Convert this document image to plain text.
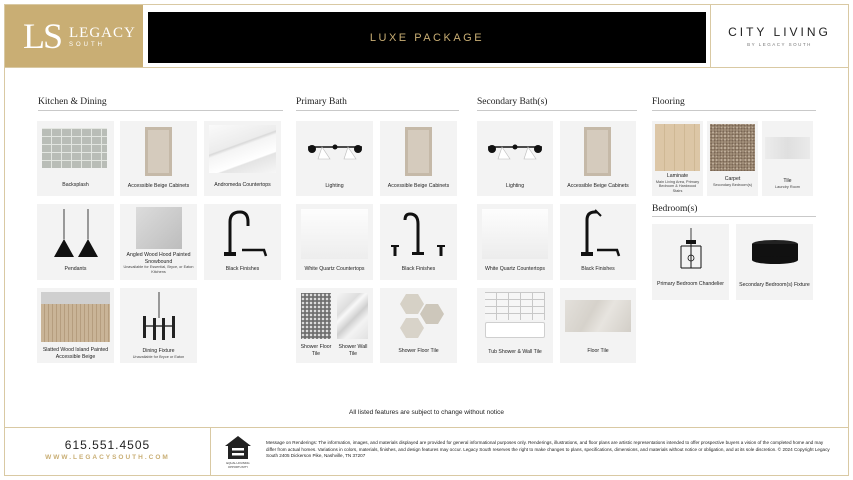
LS LEGACY
SOUTH
LUXE PACKAGE	CITY LIVING
BY LEGACY SOUTH
Kitchen & Dining
Backsplash	Accessible Beige Cabinets	Andromeda Countertops
Pendants
Angled Wood Hood Painted Snowbound
Unavailable for Essential, Bryce, or Eaton Kitchens	Black Finishes
Slatted Wood Island Painted Accessible Beige
Dining Fixture
Unavailable for Bryce or Eaton
Primary Bath
Lighting	Accessible Beige Cabinets
White Quartz Countertops	Black Finishes
Shower Floor Tile
Shower Wall Tile	Shower Floor Tile
Secondary Bath(s)
Lighting	Accessible Beige Cabinets
White Quartz Countertops	Black Finishes
Tub Shower & Wall Tile	Floor Tile
Flooring
Laminate
Main Living Area, Primary Bedroom & Hardwood Stairs
Carpet
Secondary Bedroom(s)
Tile
Laundry Room
Bedroom(s)
Primary Bedroom Chandelier	Secondary Bedroom(s) Fixture
All listed features are subject to change without notice
615.551.4505
WWW.LEGACYSOUTH.COM
EQUAL HOUSING OPPORTUNITY
Message on Renderings: The information, images, and materials displayed are provided for general informational purposes only. Renderings, illustrations, and floor plans are artistic representations intended to offer prospective buyers a vision of the completed home and may differ from actual homes. Variations in colors, materials, finishes, and design features may occur. Legacy South reserves the right to make changes to plans, specifications, dimensions, and materials without notice or obligation, and at its sole discretion. © 2024 Copyright Legacy South 2405 Dickerson Pike, Nashville, TN 37207
